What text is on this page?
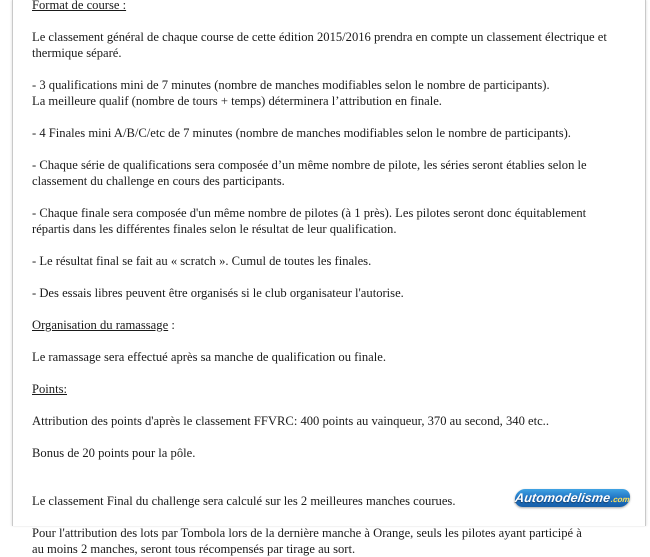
Format de course :

Le classement général de chaque course de cette édition 2015/2016 prendra en compte un classement électrique et thermique séparé.

- 3 qualifications mini de 7 minutes (nombre de manches modifiables selon le nombre de participants).

La meilleure qualif (nombre de tours + temps) déterminera l’attribution en finale.

- 4 Finales mini A/B/C/etc de 7 minutes (nombre de manches modifiables selon le nombre de participants).

- Chaque série de qualifications sera composée d’un même nombre de pilote, les séries seront établies selon le classement du challenge en cours des participants.

- Chaque finale sera composée d'un même nombre de pilotes (à 1 près). Les pilotes seront donc équitablement répartis dans les différentes finales selon le résultat de leur qualification.

- Le résultat final se fait au « scratch ». Cumul de toutes les finales.

- Des essais libres peuvent être organisés si le club organisateur l'autorise.

Organisation du ramassage :

Le ramassage sera effectué après sa manche de qualification ou finale.

Points:

Attribution des points d'après le classement FFVRC: 400 points au vainqueur, 370 au second, 340 etc..

Bonus de 20 points pour la pôle.

Le classement Final du challenge sera calculé sur les 2 meilleures manches courues.

Pour l'attribution des lots par Tombola lors de la dernière manche à Orange, seuls les pilotes ayant participé à

au moins 2 manches, seront tous récompensés par tirage au sort.

Automodelisme .com
